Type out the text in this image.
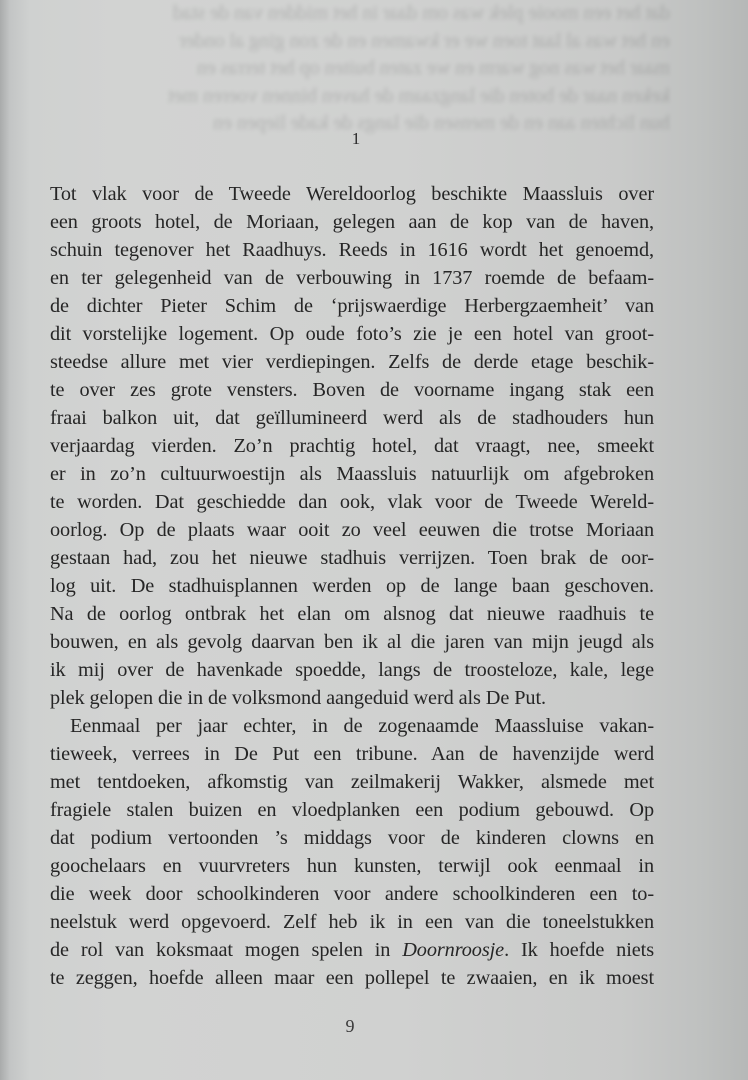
dat het een mooie plek was om daar in het midden van de stad
en het was al laat toen we er kwamen en de zon ging al onder
maar het was nog warm en we zaten buiten op het terras en
keken naar de boten die langzaam de haven binnen voeren met
hun lichten aan en de mensen die langs de kade liepen en
1
Tot vlak voor de Tweede Wereldoorlog beschikte Maassluis over
een groots hotel, de Moriaan, gelegen aan de kop van de haven,
schuin tegenover het Raadhuys. Reeds in 1616 wordt het genoemd,
en ter gelegenheid van de verbouwing in 1737 roemde de befaam-
de dichter Pieter Schim de ‘prijswaerdige Herbergzaemheit’ van
dit vorstelijke logement. Op oude foto’s zie je een hotel van groot-
steedse allure met vier verdiepingen. Zelfs de derde etage beschik-
te over zes grote vensters. Boven de voorname ingang stak een
fraai balkon uit, dat geïllumineerd werd als de stadhouders hun
verjaardag vierden. Zo’n prachtig hotel, dat vraagt, nee, smeekt
er in zo’n cultuurwoestijn als Maassluis natuurlijk om afgebroken
te worden. Dat geschiedde dan ook, vlak voor de Tweede Wereld-
oorlog. Op de plaats waar ooit zo veel eeuwen die trotse Moriaan
gestaan had, zou het nieuwe stadhuis verrijzen. Toen brak de oor-
log uit. De stadhuisplannen werden op de lange baan geschoven.
Na de oorlog ontbrak het elan om alsnog dat nieuwe raadhuis te
bouwen, en als gevolg daarvan ben ik al die jaren van mijn jeugd als
ik mij over de havenkade spoedde, langs de troosteloze, kale, lege
plek gelopen die in de volksmond aangeduid werd als De Put.
Eenmaal per jaar echter, in de zogenaamde Maassluise vakan-
tieweek, verrees in De Put een tribune. Aan de havenzijde werd
met tentdoeken, afkomstig van zeilmakerij Wakker, alsmede met
fragiele stalen buizen en vloedplanken een podium gebouwd. Op
dat podium vertoonden ’s middags voor de kinderen clowns en
goochelaars en vuurvreters hun kunsten, terwijl ook eenmaal in
die week door schoolkinderen voor andere schoolkinderen een to-
neelstuk werd opgevoerd. Zelf heb ik in een van die toneelstukken
de rol van koksmaat mogen spelen in Doornroosje. Ik hoefde niets
te zeggen, hoefde alleen maar een pollepel te zwaaien, en ik moest
9
